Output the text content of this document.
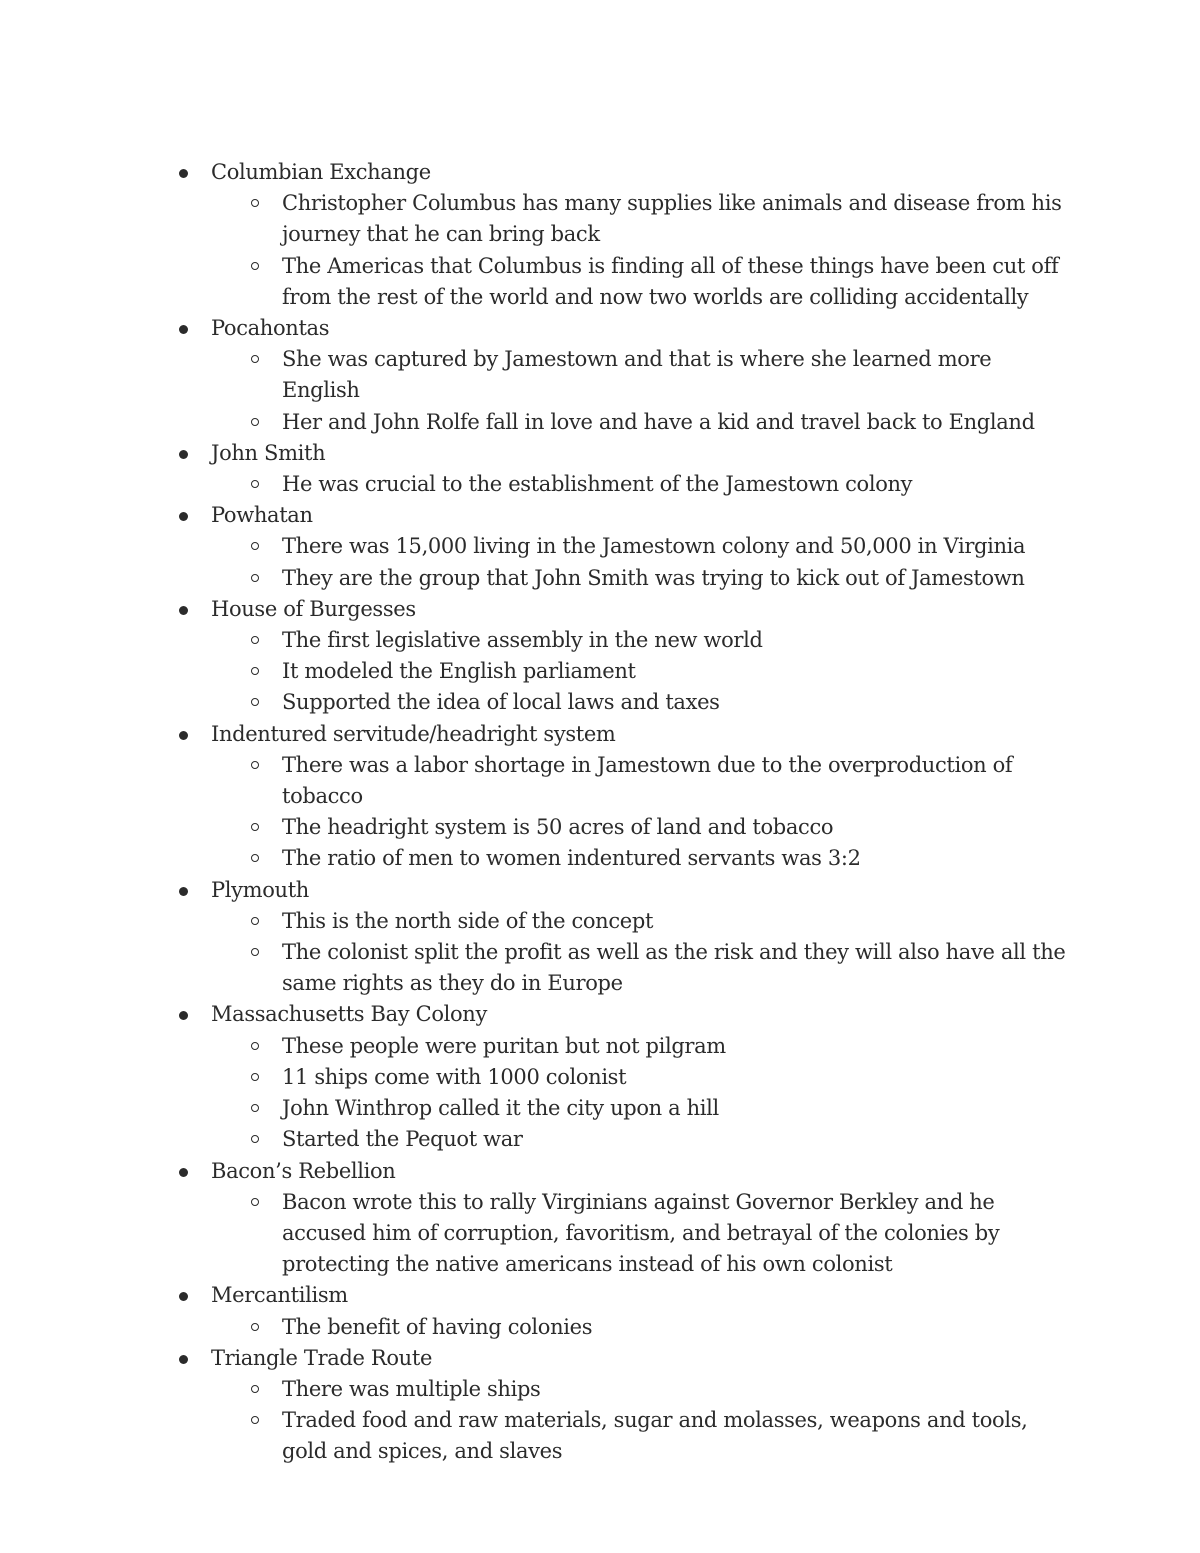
Columbian Exchange
Christopher Columbus has many supplies like animals and disease from his journey that he can bring back
The Americas that Columbus is finding all of these things have been cut off from the rest of the world and now two worlds are colliding accidentally
Pocahontas
She was captured by Jamestown and that is where she learned more English
Her and John Rolfe fall in love and have a kid and travel back to England
John Smith
He was crucial to the establishment of the Jamestown colony
Powhatan
There was 15,000 living in the Jamestown colony and 50,000 in Virginia
They are the group that John Smith was trying to kick out of Jamestown
House of Burgesses
The first legislative assembly in the new world
It modeled the English parliament
Supported the idea of local laws and taxes
Indentured servitude/headright system
There was a labor shortage in Jamestown due to the overproduction of tobacco
The headright system is 50 acres of land and tobacco
The ratio of men to women indentured servants was 3:2
Plymouth
This is the north side of the concept
The colonist split the profit as well as the risk and they will also have all the same rights as they do in Europe
Massachusetts Bay Colony
These people were puritan but not pilgram
11 ships come with 1000 colonist
John Winthrop called it the city upon a hill
Started the Pequot war
Bacon’s Rebellion
Bacon wrote this to rally Virginians against Governor Berkley and he accused him of corruption, favoritism, and betrayal of the colonies by protecting the native americans instead of his own colonist
Mercantilism
The benefit of having colonies
Triangle Trade Route
There was multiple ships
Traded food and raw materials, sugar and molasses, weapons and tools, gold and spices, and slaves
